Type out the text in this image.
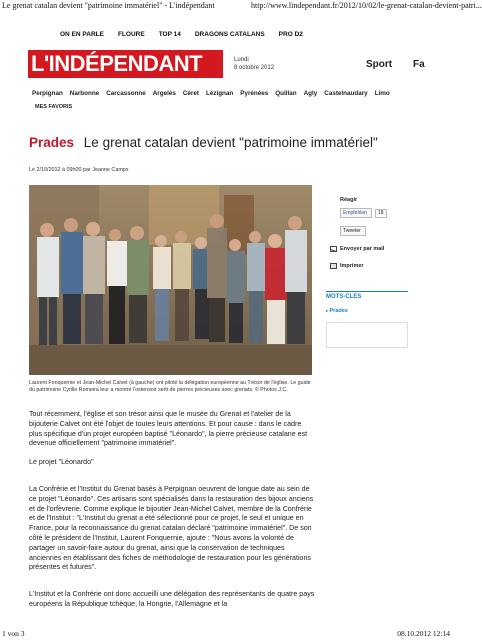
Le grenat catalan devient "patrimoine immatériel" - L'indépendant	http://www.lindependant.fr/2012/10/02/le-grenat-catalan-devient-patri...
ON EN PARLE FLOURE TOP 14 DRAGONS CATALANS PRO D2
L'INDÉPENDANT	Lundi
8 octobre 2012	Sport Fa
Perpignan Narbonne Carcassonne Argelès Céret Lézignan Pyrénées Quillan Agly Castelnaudary Limo
MES FAVORIS
Prades Le grenat catalan devient "patrimoine immatériel"
Le 2/10/2012 à 09h00 par Jeanne Camps
Laurent Fonquernie et Jean-Michel Calvet (à gauche) ont piloté la délégation européenne au Trésor de l'église. Le guide du patrimoine Cyrille Romeira leur a montré l'ostensoir serti de pierres précieuses avec grenats. © Photos J.C.

Tout récemment, l'église et son trésor ainsi que le musée du Grenat et l'atelier de la bijouterie Calvet ont été l'objet de toutes leurs attentions. Et pour cause : dans le cadre plus spécifique d'un projet européen baptisé "Léonardo", la pierre précieuse catalane est devenue officiellement "patrimoine immatériel".

Le projet "Léonardo"

La Confrérie et l'Institut du Grenat basés à Perpignan oeuvrent de longue date au sein de ce projet "Léonardo". Ces artisans sont spécialisés dans la restauration des bijoux anciens et de l'orfèvrerie. Comme explique le bijoutier Jean-Michel Calvet, membre de la Confrérie et de l'Institut : "L'Institut du grenat a été sélectionné pour ce projet, le seul et unique en France, pour la reconnaissance du grenat catalan déclaré "patrimoine immatériel". De son côté le président de l'Institut, Laurent Fonquernie, ajoute : "Nous avons la volonté de partager un savoir-faire autour du grenat, ainsi que la conservation de techniques anciennes en établissant des fiches de méthodologie de restauration pour les générations présentes et futures".

L'Institut et la Confrérie ont donc accueilli une délégation des représentants de quatre pays européens la République tchèque, la Hongrie, l'Allemagne et la

Réagir
Empfehlen	18
Tweeter
Envoyer par mail
Imprimer
MOTS-CLES
▸ Prades
1 von 3	08.10.2012 12:14
